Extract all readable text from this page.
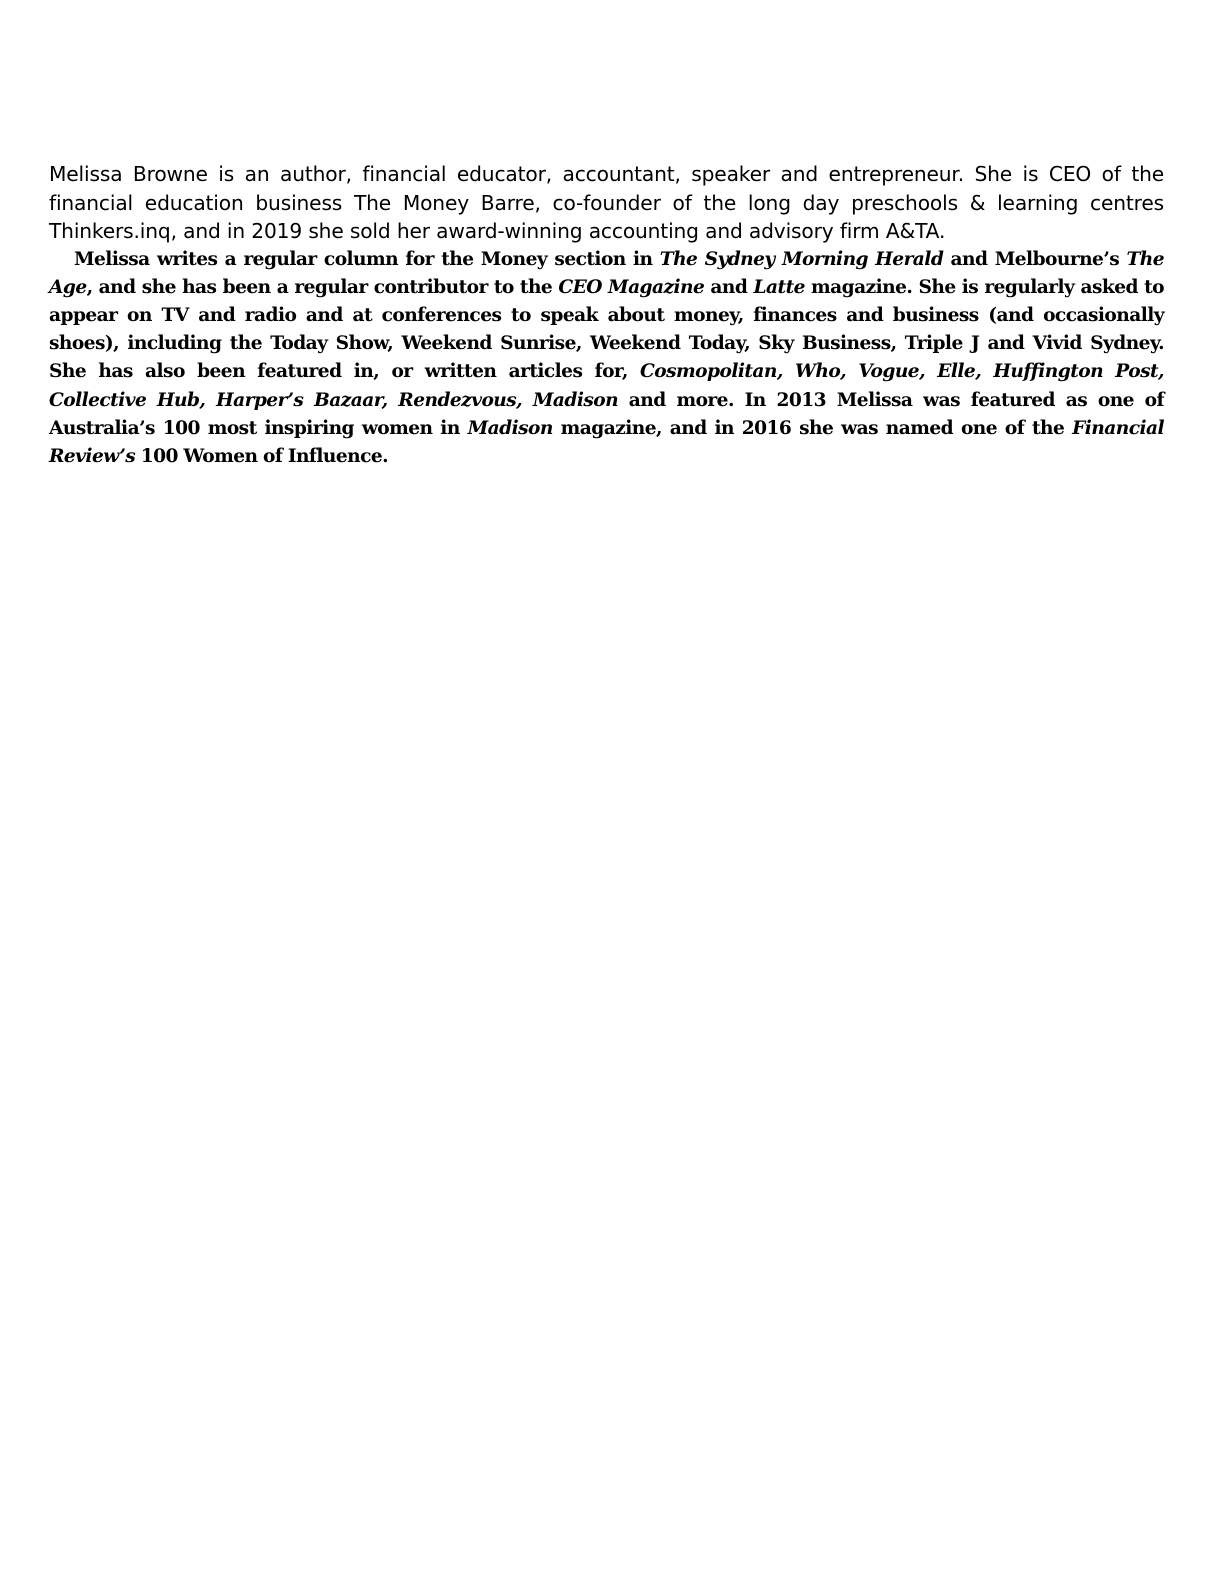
Melissa Browne is an author, financial educator, accountant, speaker and entrepreneur. She is CEO of the financial education business The Money Barre, co-founder of the long day preschools & learning centres Thinkers.inq, and in 2019 she sold her award-winning accounting and advisory firm A&TA.

Melissa writes a regular column for the Money section in The Sydney Morning Herald and Melbourne’s The Age, and she has been a regular contributor to the CEO Magazine and Latte magazine. She is regularly asked to appear on TV and radio and at conferences to speak about money, finances and business (and occasionally shoes), including the Today Show, Weekend Sunrise, Weekend Today, Sky Business, Triple J and Vivid Sydney. She has also been featured in, or written articles for, Cosmopolitan, Who, Vogue, Elle, Huffington Post, Collective Hub, Harper’s Bazaar, Rendezvous, Madison and more. In 2013 Melissa was featured as one of Australia’s 100 most inspiring women in Madison magazine, and in 2016 she was named one of the Financial Review’s 100 Women of Influence.
